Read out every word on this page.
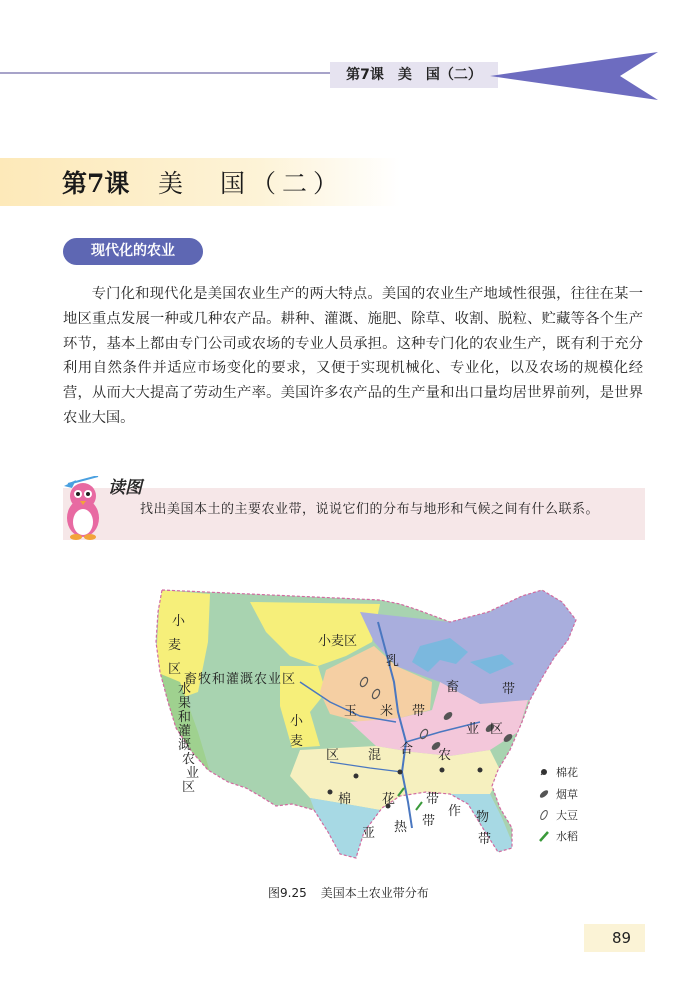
第7课　美　国（二）
第7课 美　国（二）
现代化的农业

专门化和现代化是美国农业生产的两大特点。美国的农业生产地域性很强，往往在某一地区重点发展一种或几种农产品。耕种、灌溉、施肥、除草、收割、脱粒、贮藏等各个生产环节，基本上都由专门公司或农场的专业人员承担。这种专门化的农业生产，既有利于充分利用自然条件并适应市场变化的要求，又便于实现机械化、专业化，以及农场的规模化经营，从而大大提高了劳动生产率。美国许多农产品的生产量和出口量均居世界前列，是世界农业大国。

读图
找出美国本土的主要农业带，说说它们的分布与地形和气候之间有什么联系。
小
麦
区
水
果
和
灌
溉
农
业
区
畜牧和灌溉农业区
小麦区
乳
畜	带
玉 米 带
小
麦
区 混 合 农
业 区
棉 花 带
亚 热 带
作 物
带
棉花
烟草
大豆
水稻
图9.25 美国本土农业带分布
89
